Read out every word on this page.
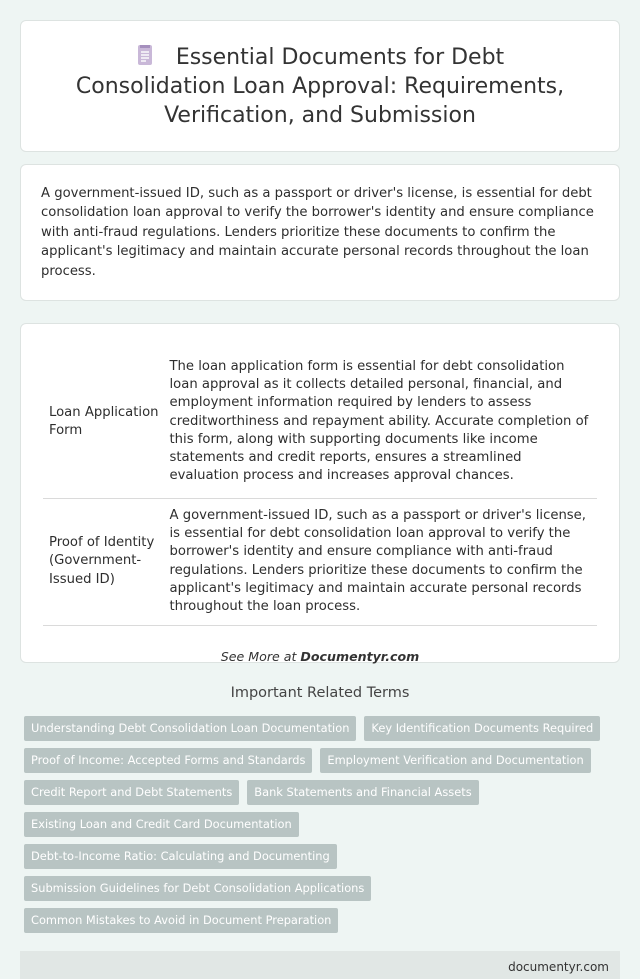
Essential Documents for Debt Consolidation Loan Approval: Requirements, Verification, and Submission

A government-issued ID, such as a passport or driver's license, is essential for debt consolidation loan approval to verify the borrower's identity and ensure compliance with anti-fraud regulations. Lenders prioritize these documents to confirm the applicant's legitimacy and maintain accurate personal records throughout the loan process.

Loan Application Form	The loan application form is essential for debt consolidation loan approval as it collects detailed personal, financial, and employment information required by lenders to assess creditworthiness and repayment ability. Accurate completion of this form, along with supporting documents like income statements and credit reports, ensures a streamlined evaluation process and increases approval chances.
Proof of Identity (Government-Issued ID)	A government-issued ID, such as a passport or driver's license, is essential for debt consolidation loan approval to verify the borrower's identity and ensure compliance with anti-fraud regulations. Lenders prioritize these documents to confirm the applicant's legitimacy and maintain accurate personal records throughout the loan process.
See More at Documentyr.com
Important Related Terms
Understanding Debt Consolidation Loan Documentation	Key Identification Documents Required
Proof of Income: Accepted Forms and Standards	Employment Verification and Documentation
Credit Report and Debt Statements	Bank Statements and Financial Assets
Existing Loan and Credit Card Documentation
Debt-to-Income Ratio: Calculating and Documenting
Submission Guidelines for Debt Consolidation Applications
Common Mistakes to Avoid in Document Preparation
documentyr.com
